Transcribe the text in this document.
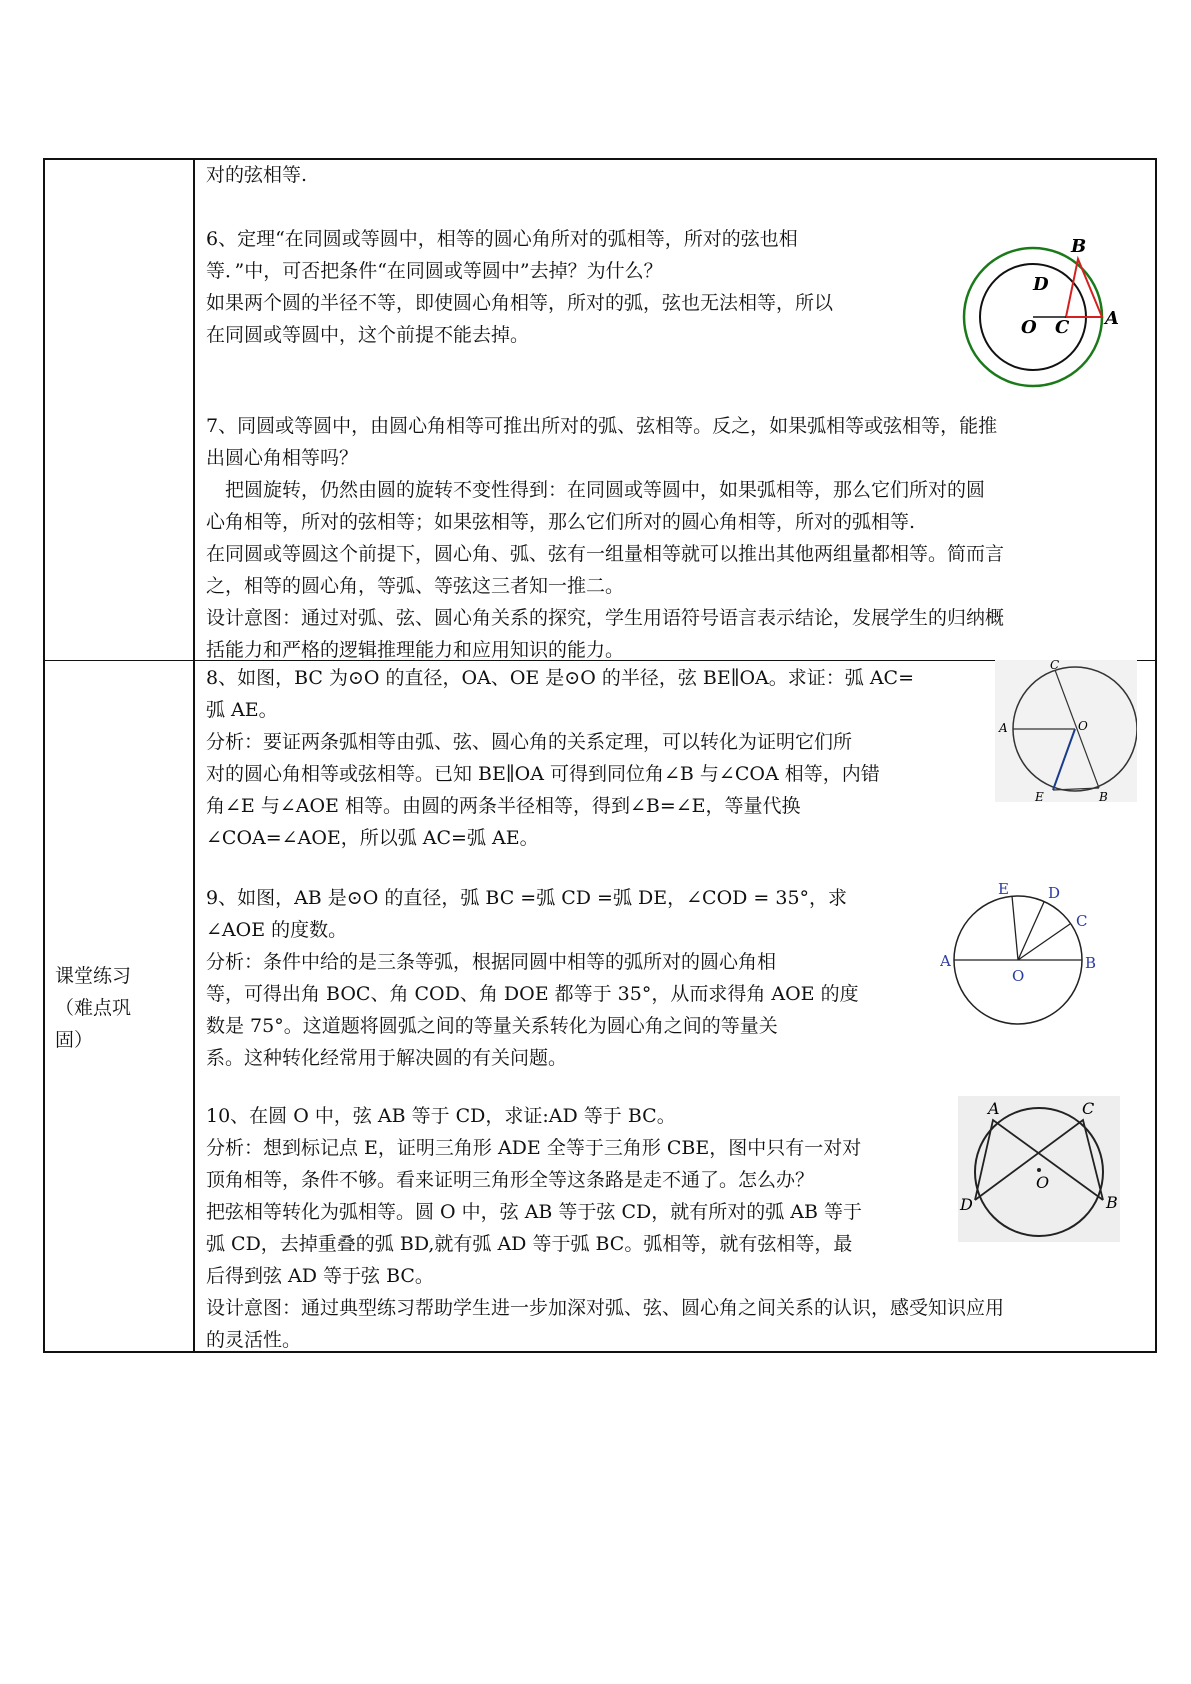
对的弦相等.
6、定理“在同圆或等圆中，相等的圆心角所对的弧相等，所对的弦也相
等．”中，可否把条件“在同圆或等圆中”去掉？为什么？
如果两个圆的半径不等，即使圆心角相等，所对的弧，弦也无法相等，所以
在同圆或等圆中，这个前提不能去掉。
7、同圆或等圆中，由圆心角相等可推出所对的弧、弦相等。反之，如果弧相等或弦相等，能推
出圆心角相等吗？
　把圆旋转，仍然由圆的旋转不变性得到：在同圆或等圆中，如果弧相等，那么它们所对的圆
心角相等，所对的弦相等；如果弦相等，那么它们所对的圆心角相等，所对的弧相等.
在同圆或等圆这个前提下，圆心角、弧、弦有一组量相等就可以推出其他两组量都相等。简而言
之，相等的圆心角，等弧、等弦这三者知一推二。
设计意图：通过对弧、弦、圆心角关系的探究，学生用语符号语言表示结论，发展学生的归纳概
括能力和严格的逻辑推理能力和应用知识的能力。
B
D
O C A
课堂练习
（难点巩
固）
8、如图，BC 为⊙O 的直径，OA、OE 是⊙O 的半径，弦 BE∥OA。求证：弧 AC=
弧 AE。
分析：要证两条弧相等由弧、弦、圆心角的关系定理，可以转化为证明它们所
对的圆心角相等或弦相等。已知 BE∥OA 可得到同位角∠B 与∠COA 相等，内错
角∠E 与∠AOE 相等。由圆的两条半径相等，得到∠B=∠E，等量代换
∠COA=∠AOE，所以弧 AC=弧 AE。
C
A	O
E	B
9、如图，AB 是⊙O 的直径，弧 BC =弧 CD =弧 DE，∠COD = 35°，求
∠AOE 的度数。
分析：条件中给的是三条等弧，根据同圆中相等的弧所对的圆心角相
等，可得出角 BOC、角 COD、角 DOE 都等于 35°，从而求得角 AOE 的度
数是 75°。这道题将圆弧之间的等量关系转化为圆心角之间的等量关
系。这种转化经常用于解决圆的有关问题。
E	D
C
A
O
B
10、在圆 O 中，弦 AB 等于 CD，求证:AD 等于 BC。
分析：想到标记点 E，证明三角形 ADE 全等于三角形 CBE，图中只有一对对
顶角相等，条件不够。看来证明三角形全等这条路是走不通了。怎么办？
把弦相等转化为弧相等。圆 O 中，弦 AB 等于弦 CD，就有所对的弧 AB 等于
弧 CD，去掉重叠的弧 BD,就有弧 AD 等于弧 BC。弧相等，就有弦相等，最
后得到弦 AD 等于弦 BC。
设计意图：通过典型练习帮助学生进一步加深对弧、弦、圆心角之间关系的认识，感受知识应用
的灵活性。
A	C
D
O
B
